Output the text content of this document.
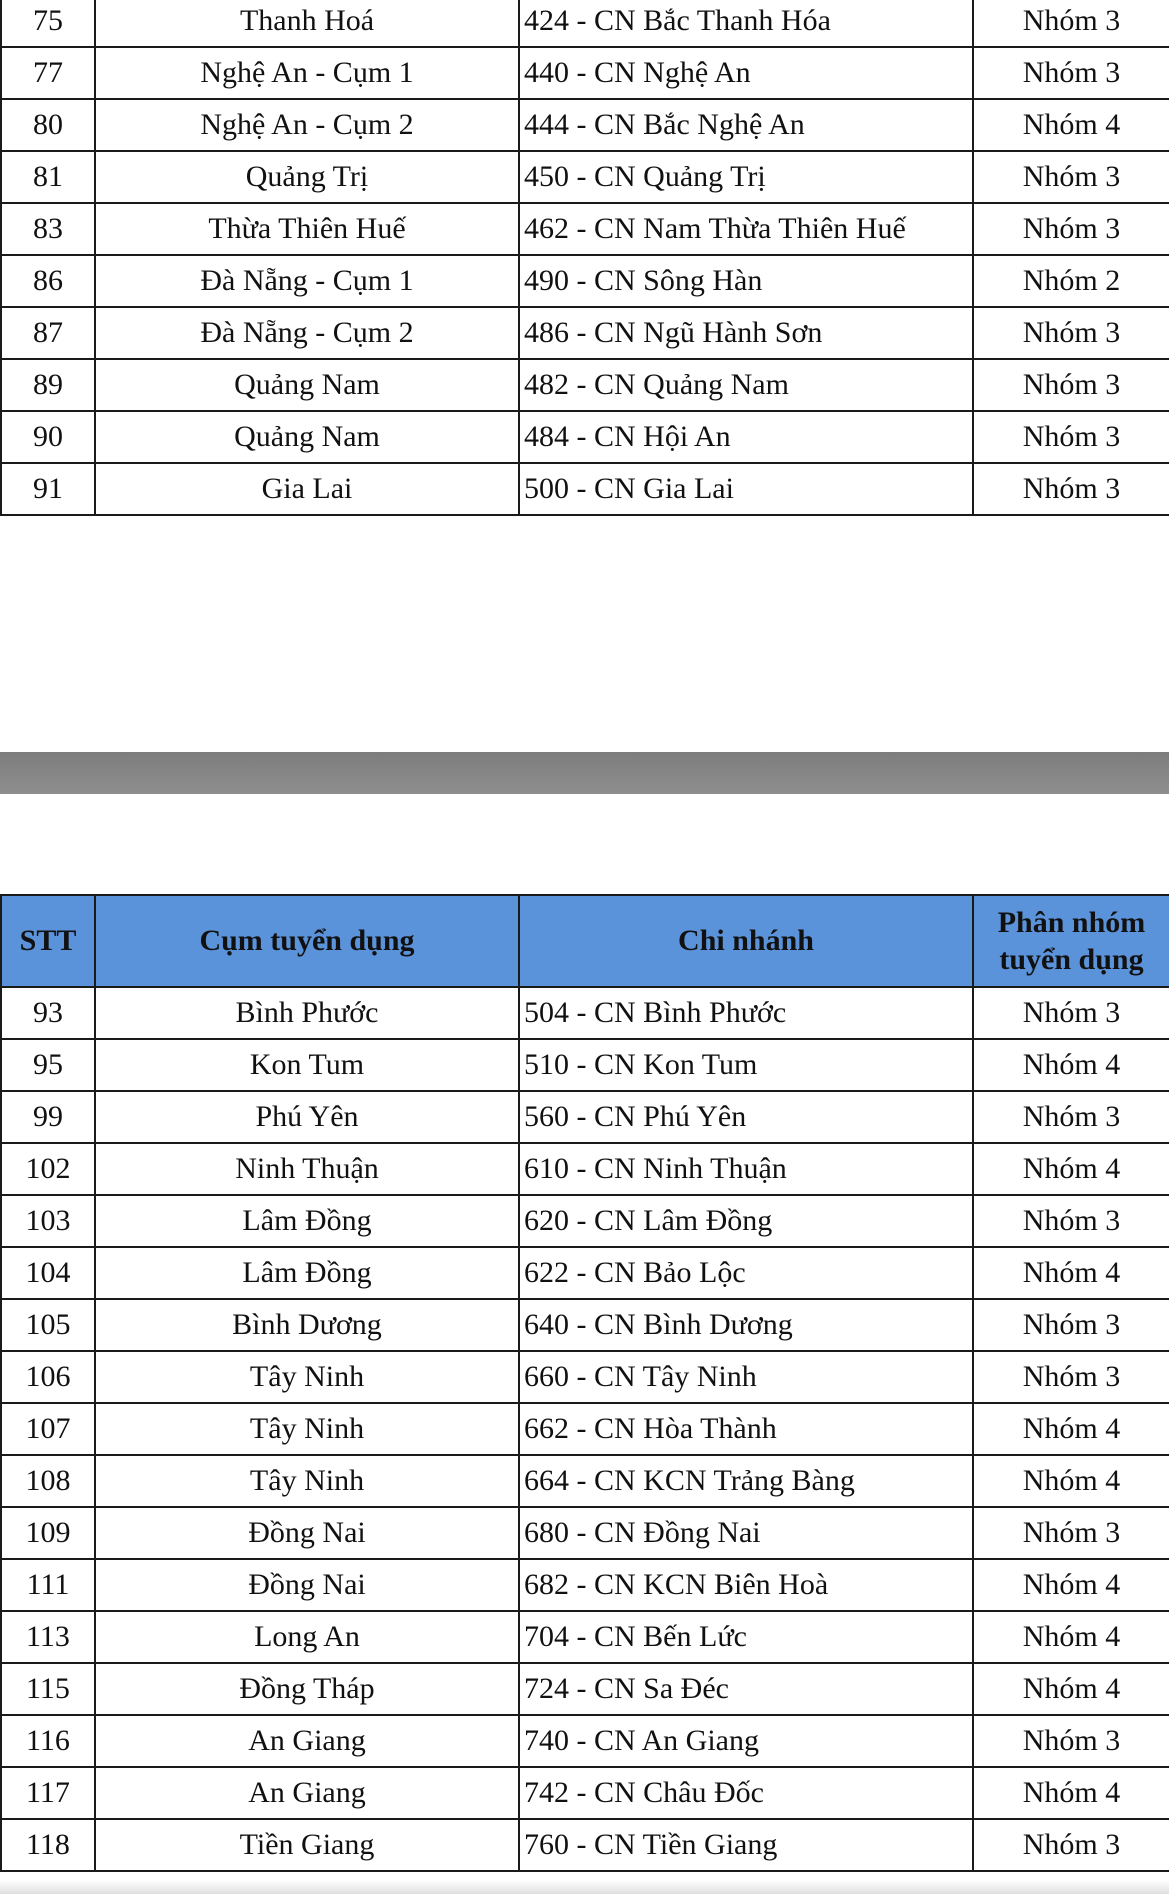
75	Thanh Hoá	424 - CN Bắc Thanh Hóa	Nhóm 3
77	Nghệ An - Cụm 1	440 - CN Nghệ An	Nhóm 3
80	Nghệ An - Cụm 2	444 - CN Bắc Nghệ An	Nhóm 4
81	Quảng Trị	450 - CN Quảng Trị	Nhóm 3
83	Thừa Thiên Huế	462 - CN Nam Thừa Thiên Huế	Nhóm 3
86	Đà Nẵng - Cụm 1	490 - CN Sông Hàn	Nhóm 2
87	Đà Nẵng - Cụm 2	486 - CN Ngũ Hành Sơn	Nhóm 3
89	Quảng Nam	482 - CN Quảng Nam	Nhóm 3
90	Quảng Nam	484 - CN Hội An	Nhóm 3
91	Gia Lai	500 - CN Gia Lai	Nhóm 3
STT	Cụm tuyển dụng	Chi nhánh	Phân nhóm tuyển dụng
93	Bình Phước	504 - CN Bình Phước	Nhóm 3
95	Kon Tum	510 - CN Kon Tum	Nhóm 4
99	Phú Yên	560 - CN Phú Yên	Nhóm 3
102	Ninh Thuận	610 - CN Ninh Thuận	Nhóm 4
103	Lâm Đồng	620 - CN Lâm Đồng	Nhóm 3
104	Lâm Đồng	622 - CN Bảo Lộc	Nhóm 4
105	Bình Dương	640 - CN Bình Dương	Nhóm 3
106	Tây Ninh	660 - CN Tây Ninh	Nhóm 3
107	Tây Ninh	662 - CN Hòa Thành	Nhóm 4
108	Tây Ninh	664 - CN KCN Trảng Bàng	Nhóm 4
109	Đồng Nai	680 - CN Đồng Nai	Nhóm 3
111	Đồng Nai	682 - CN KCN Biên Hoà	Nhóm 4
113	Long An	704 - CN Bến Lức	Nhóm 4
115	Đồng Tháp	724 - CN Sa Đéc	Nhóm 4
116	An Giang	740 - CN An Giang	Nhóm 3
117	An Giang	742 - CN Châu Đốc	Nhóm 4
118	Tiền Giang	760 - CN Tiền Giang	Nhóm 3
